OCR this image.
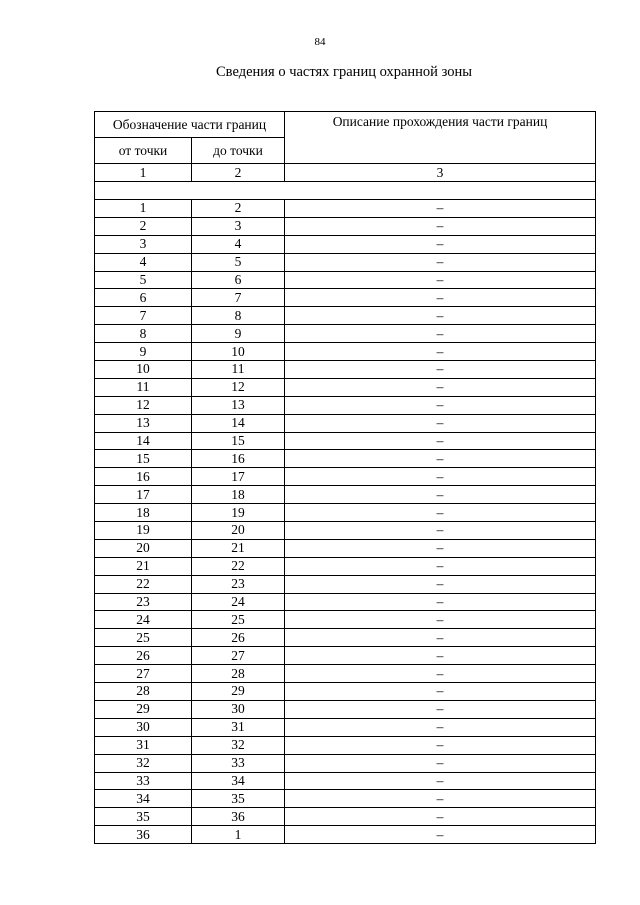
84
Сведения о частях границ охранной зоны
Обозначение части границ		Описание прохождения части границ
от точки	до точки	
1	2	3

1	2	–
2	3	–
3	4	–
4	5	–
5	6	–
6	7	–
7	8	–
8	9	–
9	10	–
10	11	–
11	12	–
12	13	–
13	14	–
14	15	–
15	16	–
16	17	–
17	18	–
18	19	–
19	20	–
20	21	–
21	22	–
22	23	–
23	24	–
24	25	–
25	26	–
26	27	–
27	28	–
28	29	–
29	30	–
30	31	–
31	32	–
32	33	–
33	34	–
34	35	–
35	36	–
36	1	–
